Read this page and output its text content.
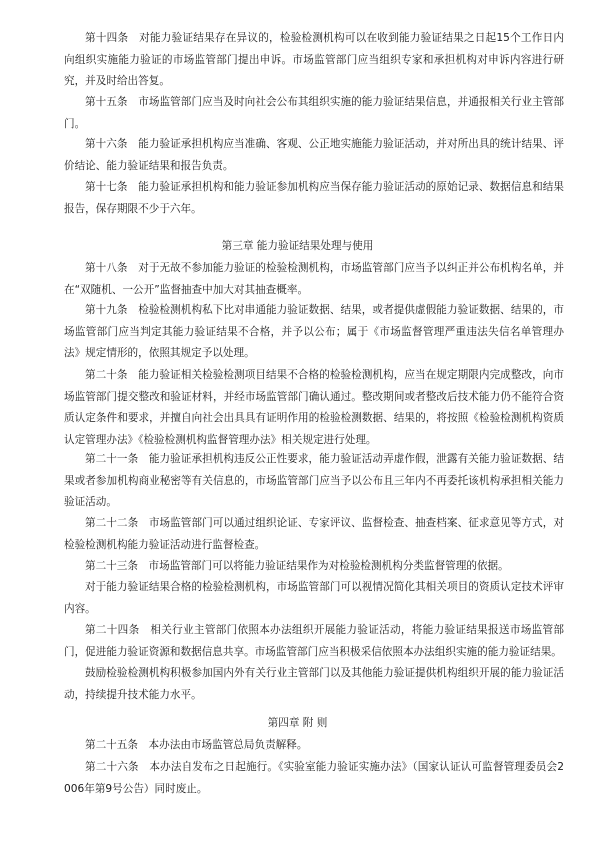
第十四条　对能力验证结果存在异议的，检验检测机构可以在收到能力验证结果之日起15个工作日内向组织实施能力验证的市场监管部门提出申诉。市场监管部门应当组织专家和承担机构对申诉内容进行研究，并及时给出答复。

第十五条　市场监管部门应当及时向社会公布其组织实施的能力验证结果信息，并通报相关行业主管部门。

第十六条　能力验证承担机构应当准确、客观、公正地实施能力验证活动，并对所出具的统计结果、评价结论、能力验证结果和报告负责。

第十七条　能力验证承担机构和能力验证参加机构应当保存能力验证活动的原始记录、数据信息和结果报告，保存期限不少于六年。

第三章 能力验证结果处理与使用

第十八条　对于无故不参加能力验证的检验检测机构，市场监管部门应当予以纠正并公布机构名单，并在“双随机、一公开”监督抽查中加大对其抽查概率。

第十九条　检验检测机构私下比对串通能力验证数据、结果，或者提供虚假能力验证数据、结果的，市场监管部门应当判定其能力验证结果不合格，并予以公布；属于《市场监督管理严重违法失信名单管理办法》规定情形的，依照其规定予以处理。

第二十条　能力验证相关检验检测项目结果不合格的检验检测机构，应当在规定期限内完成整改，向市场监管部门提交整改和验证材料，并经市场监管部门确认通过。整改期间或者整改后技术能力仍不能符合资质认定条件和要求，并擅自向社会出具具有证明作用的检验检测数据、结果的，将按照《检验检测机构资质认定管理办法》《检验检测机构监督管理办法》相关规定进行处理。

第二十一条　能力验证承担机构违反公正性要求，能力验证活动弄虚作假，泄露有关能力验证数据、结果或者参加机构商业秘密等有关信息的，市场监管部门应当予以公布且三年内不再委托该机构承担相关能力验证活动。

第二十二条　市场监管部门可以通过组织论证、专家评议、监督检查、抽查档案、征求意见等方式，对检验检测机构能力验证活动进行监督检查。

第二十三条　市场监管部门可以将能力验证结果作为对检验检测机构分类监督管理的依据。

对于能力验证结果合格的检验检测机构，市场监管部门可以视情况简化其相关项目的资质认定技术评审内容。

第二十四条　相关行业主管部门依照本办法组织开展能力验证活动，将能力验证结果报送市场监管部门，促进能力验证资源和数据信息共享。市场监管部门应当积极采信依照本办法组织实施的能力验证结果。

鼓励检验检测机构积极参加国内外有关行业主管部门以及其他能力验证提供机构组织开展的能力验证活动，持续提升技术能力水平。

第四章 附 则

第二十五条　本办法由市场监管总局负责解释。

第二十六条　本办法自发布之日起施行。《实验室能力验证实施办法》（国家认证认可监督管理委员会2006年第9号公告）同时废止。
